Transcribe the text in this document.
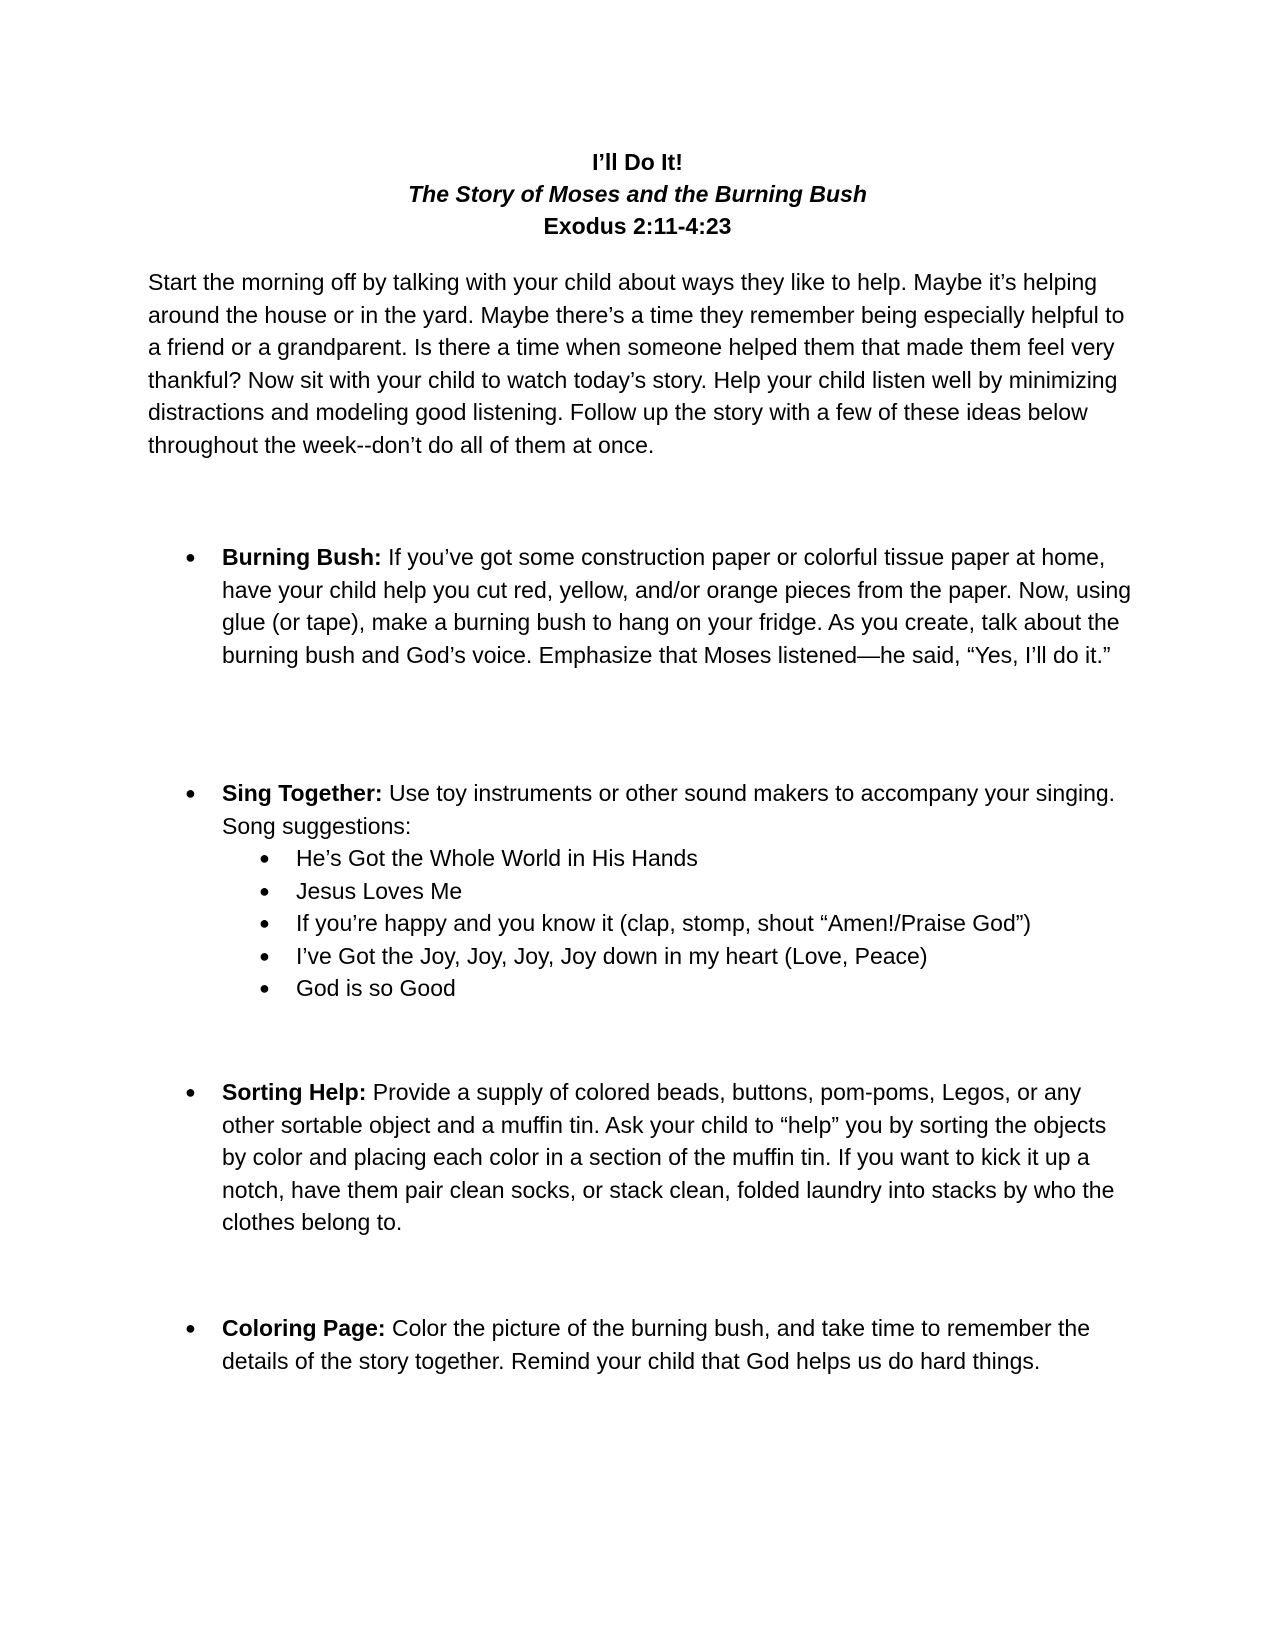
I’ll Do It!
The Story of Moses and the Burning Bush
Exodus 2:11-4:23

Start the morning off by talking with your child about ways they like to help. Maybe it’s helping around the house or in the yard. Maybe there’s a time they remember being especially helpful to a friend or a grandparent. Is there a time when someone helped them that made them feel very thankful? Now sit with your child to watch today’s story. Help your child listen well by minimizing distractions and modeling good listening. Follow up the story with a few of these ideas below throughout the week--don’t do all of them at once.

● Burning Bush: If you’ve got some construction paper or colorful tissue paper at home, have your child help you cut red, yellow, and/or orange pieces from the paper. Now, using glue (or tape), make a burning bush to hang on your fridge. As you create, talk about the burning bush and God’s voice. Emphasize that Moses listened—he said, “Yes, I’ll do it.”
● Sing Together: Use toy instruments or other sound makers to accompany your singing. Song suggestions:
● He’s Got the Whole World in His Hands
● Jesus Loves Me
● If you’re happy and you know it (clap, stomp, shout “Amen!/Praise God”)
● I’ve Got the Joy, Joy, Joy, Joy down in my heart (Love, Peace)
● God is so Good
● Sorting Help: Provide a supply of colored beads, buttons, pom-poms, Legos, or any other sortable object and a muffin tin. Ask your child to “help” you by sorting the objects by color and placing each color in a section of the muffin tin. If you want to kick it up a notch, have them pair clean socks, or stack clean, folded laundry into stacks by who the clothes belong to.
● Coloring Page: Color the picture of the burning bush, and take time to remember the details of the story together. Remind your child that God helps us do hard things.
